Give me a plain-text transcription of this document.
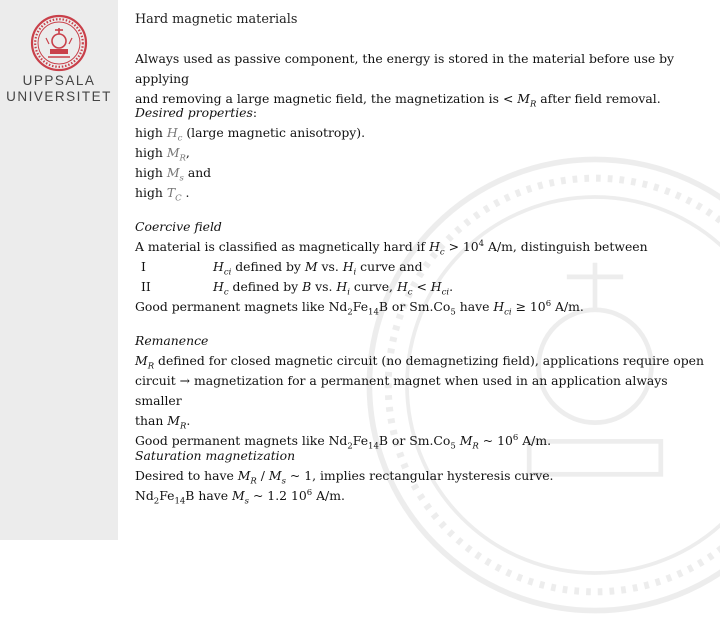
UPPSALA
UNIVERSITET
Hard magnetic materials
Always used as passive component, the energy is stored in the material before use by applying
and removing a large magnetic field, the magnetization is < $M_R$ after field removal.
Desired properties:
high $H_c$ (large magnetic anisotropy).
high $M_R$,
high $M_s$ and
high $T_C$ .
Coercive field
A material is classified as magnetically hard if $H_c > 10^4$ A/m, distinguish between
I	$H_{ci}$ defined by M vs. $H_i$ curve and
II	$H_c$ defined by B vs. $H_i$ curve, $H_c < H_{ci}$.
Good permanent magnets like $Nd_2Fe_{14}B$ or $Sm.Co_5$ have $H_{ci} \ge 10^6$ A/m.
Remanence
$M_R$ defined for closed magnetic circuit (no demagnetizing field), applications require open
circuit → magnetization for a permanent magnet when used in an application always smaller
than $M_R$.
Good permanent magnets like $Nd_2Fe_{14}B$ or $Sm.Co_5$ $M_R$ ~ $10^6$ A/m.
Saturation magnetization
Desired to have $M_R / M_s$ ~ 1, implies rectangular hysteresis curve.
$Nd_2Fe_{14}B$ have $M_s$ ~ 1.2 $10^6$ A/m.
